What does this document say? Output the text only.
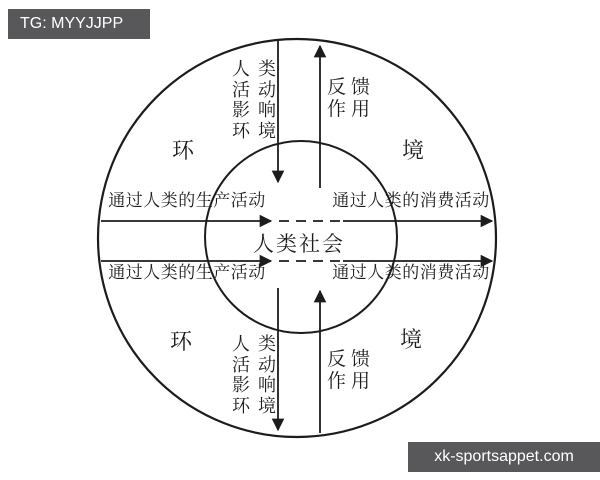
环	境
环	境
人类
活动
影响
环境
反馈
作用
人类
活动
影响
环境
反馈
作用
通过人类的生产活动	通过人类的消费活动
通过人类的生产活动	通过人类的消费活动
人类社会
TG: MYYJJPP
xk-sportsappet.com
